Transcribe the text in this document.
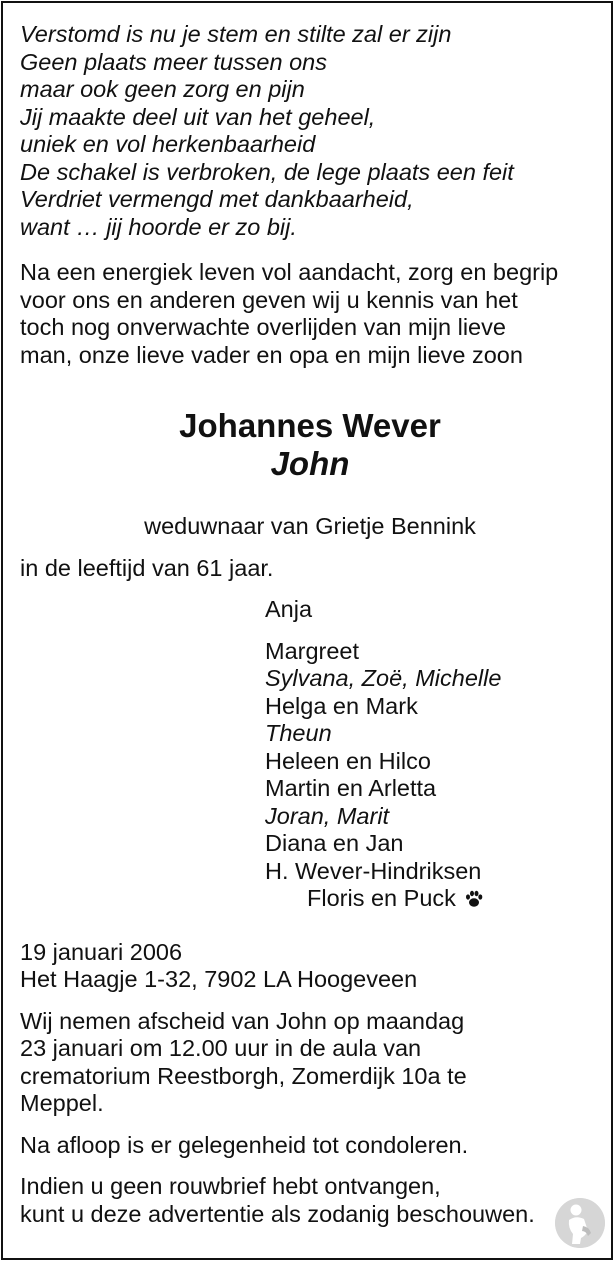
Verstomd is nu je stem en stilte zal er zijn
Geen plaats meer tussen ons
maar ook geen zorg en pijn
Jij maakte deel uit van het geheel,
uniek en vol herkenbaarheid
De schakel is verbroken, de lege plaats een feit
Verdriet vermengd met dankbaarheid,
want … jij hoorde er zo bij.
Na een energiek leven vol aandacht, zorg en begrip
voor ons en anderen geven wij u kennis van het
toch nog onverwachte overlijden van mijn lieve
man, onze lieve vader en opa en mijn lieve zoon
Johannes Wever
John
weduwnaar van Grietje Bennink
in de leeftijd van 61 jaar.
Anja
Margreet
Sylvana, Zoë, Michelle
Helga en Mark
Theun
Heleen en Hilco
Martin en Arletta
Joran, Marit
Diana en Jan
H. Wever-Hindriksen
Floris en Puck
19 januari 2006
Het Haagje 1-32, 7902 LA Hoogeveen
Wij nemen afscheid van John op maandag
23 januari om 12.00 uur in de aula van
crematorium Reestborgh, Zomerdijk 10a te
Meppel.
Na afloop is er gelegenheid tot condoleren.
Indien u geen rouwbrief hebt ontvangen,
kunt u deze advertentie als zodanig beschouwen.
